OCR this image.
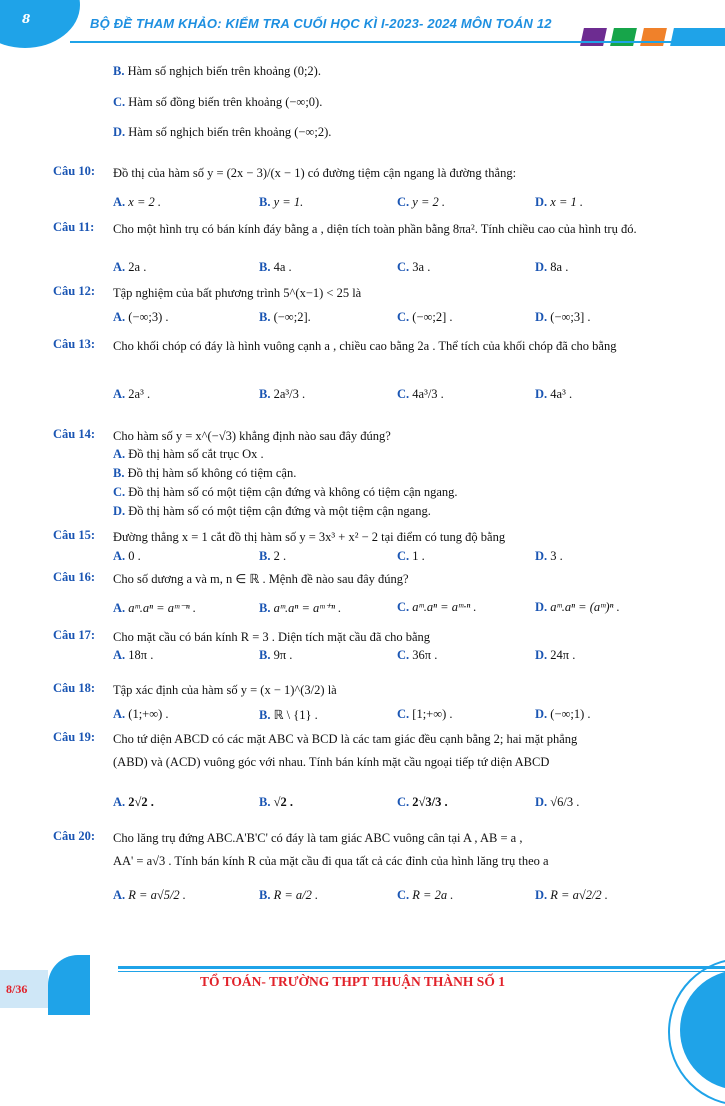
8	BỘ ĐỀ THAM KHẢO: KIỂM TRA CUỐI HỌC KÌ I-2023- 2024 MÔN TOÁN 12
B. Hàm số nghịch biến trên khoảng (0;2).
C. Hàm số đồng biến trên khoảng (−∞;0).
D. Hàm số nghịch biến trên khoảng (−∞;2).
Câu 10: Đồ thị của hàm số y = (2x − 3)/(x − 1) có đường tiệm cận ngang là đường thẳng:
A. x = 2 .	B. y = 1.	C. y = 2 .	D. x = 1 .
Câu 11: Cho một hình trụ có bán kính đáy bằng a , diện tích toàn phần bằng 8πa². Tính chiều cao của hình trụ đó.
A. 2a .	B. 4a .	C. 3a .	D. 8a .
Câu 12: Tập nghiệm của bất phương trình 5^(x−1) < 25 là
A. (−∞;3) .	B. (−∞;2].	C. (−∞;2] .	D. (−∞;3] .
Câu 13: Cho khối chóp có đáy là hình vuông cạnh a , chiều cao bằng 2a . Thể tích của khối chóp đã cho bằng
A. 2a³ .	B. 2a³/3 .	C. 4a³/3 .	D. 4a³ .
Câu 14: Cho hàm số y = x^(−√3) khẳng định nào sau đây đúng?
A. Đồ thị hàm số cắt trục Ox .
B. Đồ thị hàm số không có tiệm cận.
C. Đồ thị hàm số có một tiệm cận đứng và không có tiệm cận ngang.
D. Đồ thị hàm số có một tiệm cận đứng và một tiệm cận ngang.
Câu 15: Đường thẳng x = 1 cắt đồ thị hàm số y = 3x³ + x² − 2 tại điểm có tung độ bằng
A. 0 .	B. 2 .	C. 1 .	D. 3 .
Câu 16: Cho số dương a và m, n ∈ ℝ . Mệnh đề nào sau đây đúng?
A. aᵐ.aⁿ = aᵐ⁻ⁿ .	B. aᵐ.aⁿ = aᵐ⁺ⁿ .	C. aᵐ.aⁿ = aᵐ·ⁿ .	D. aᵐ.aⁿ = (aᵐ)ⁿ .
Câu 17: Cho mặt cầu có bán kính R = 3 . Diện tích mặt cầu đã cho bằng
A. 18π .	B. 9π .	C. 36π .	D. 24π .
Câu 18: Tập xác định của hàm số y = (x − 1)^(3/2) là
A. (1;+∞) .	B. ℝ \ {1} .	C. [1;+∞) .	D. (−∞;1) .
Câu 19: Cho tứ diện ABCD có các mặt ABC và BCD là các tam giác đều cạnh bằng 2; hai mặt phẳng
(ABD) và (ACD) vuông góc với nhau. Tính bán kính mặt cầu ngoại tiếp tứ diện ABCD
A. 2√2 .	B. √2 .	C. 2√3/3 .	D. √6/3 .
Câu 20: Cho lăng trụ đứng ABC.A'B'C' có đáy là tam giác ABC vuông cân tại A , AB = a ,
AA' = a√3 . Tính bán kính R của mặt cầu đi qua tất cả các đỉnh của hình lăng trụ theo a
A. R = a√5/2 .	B. R = a/2 .	C. R = 2a .	D. R = a√2/2 .
8/36	TỔ TOÁN- TRƯỜNG THPT THUẬN THÀNH SỐ 1
